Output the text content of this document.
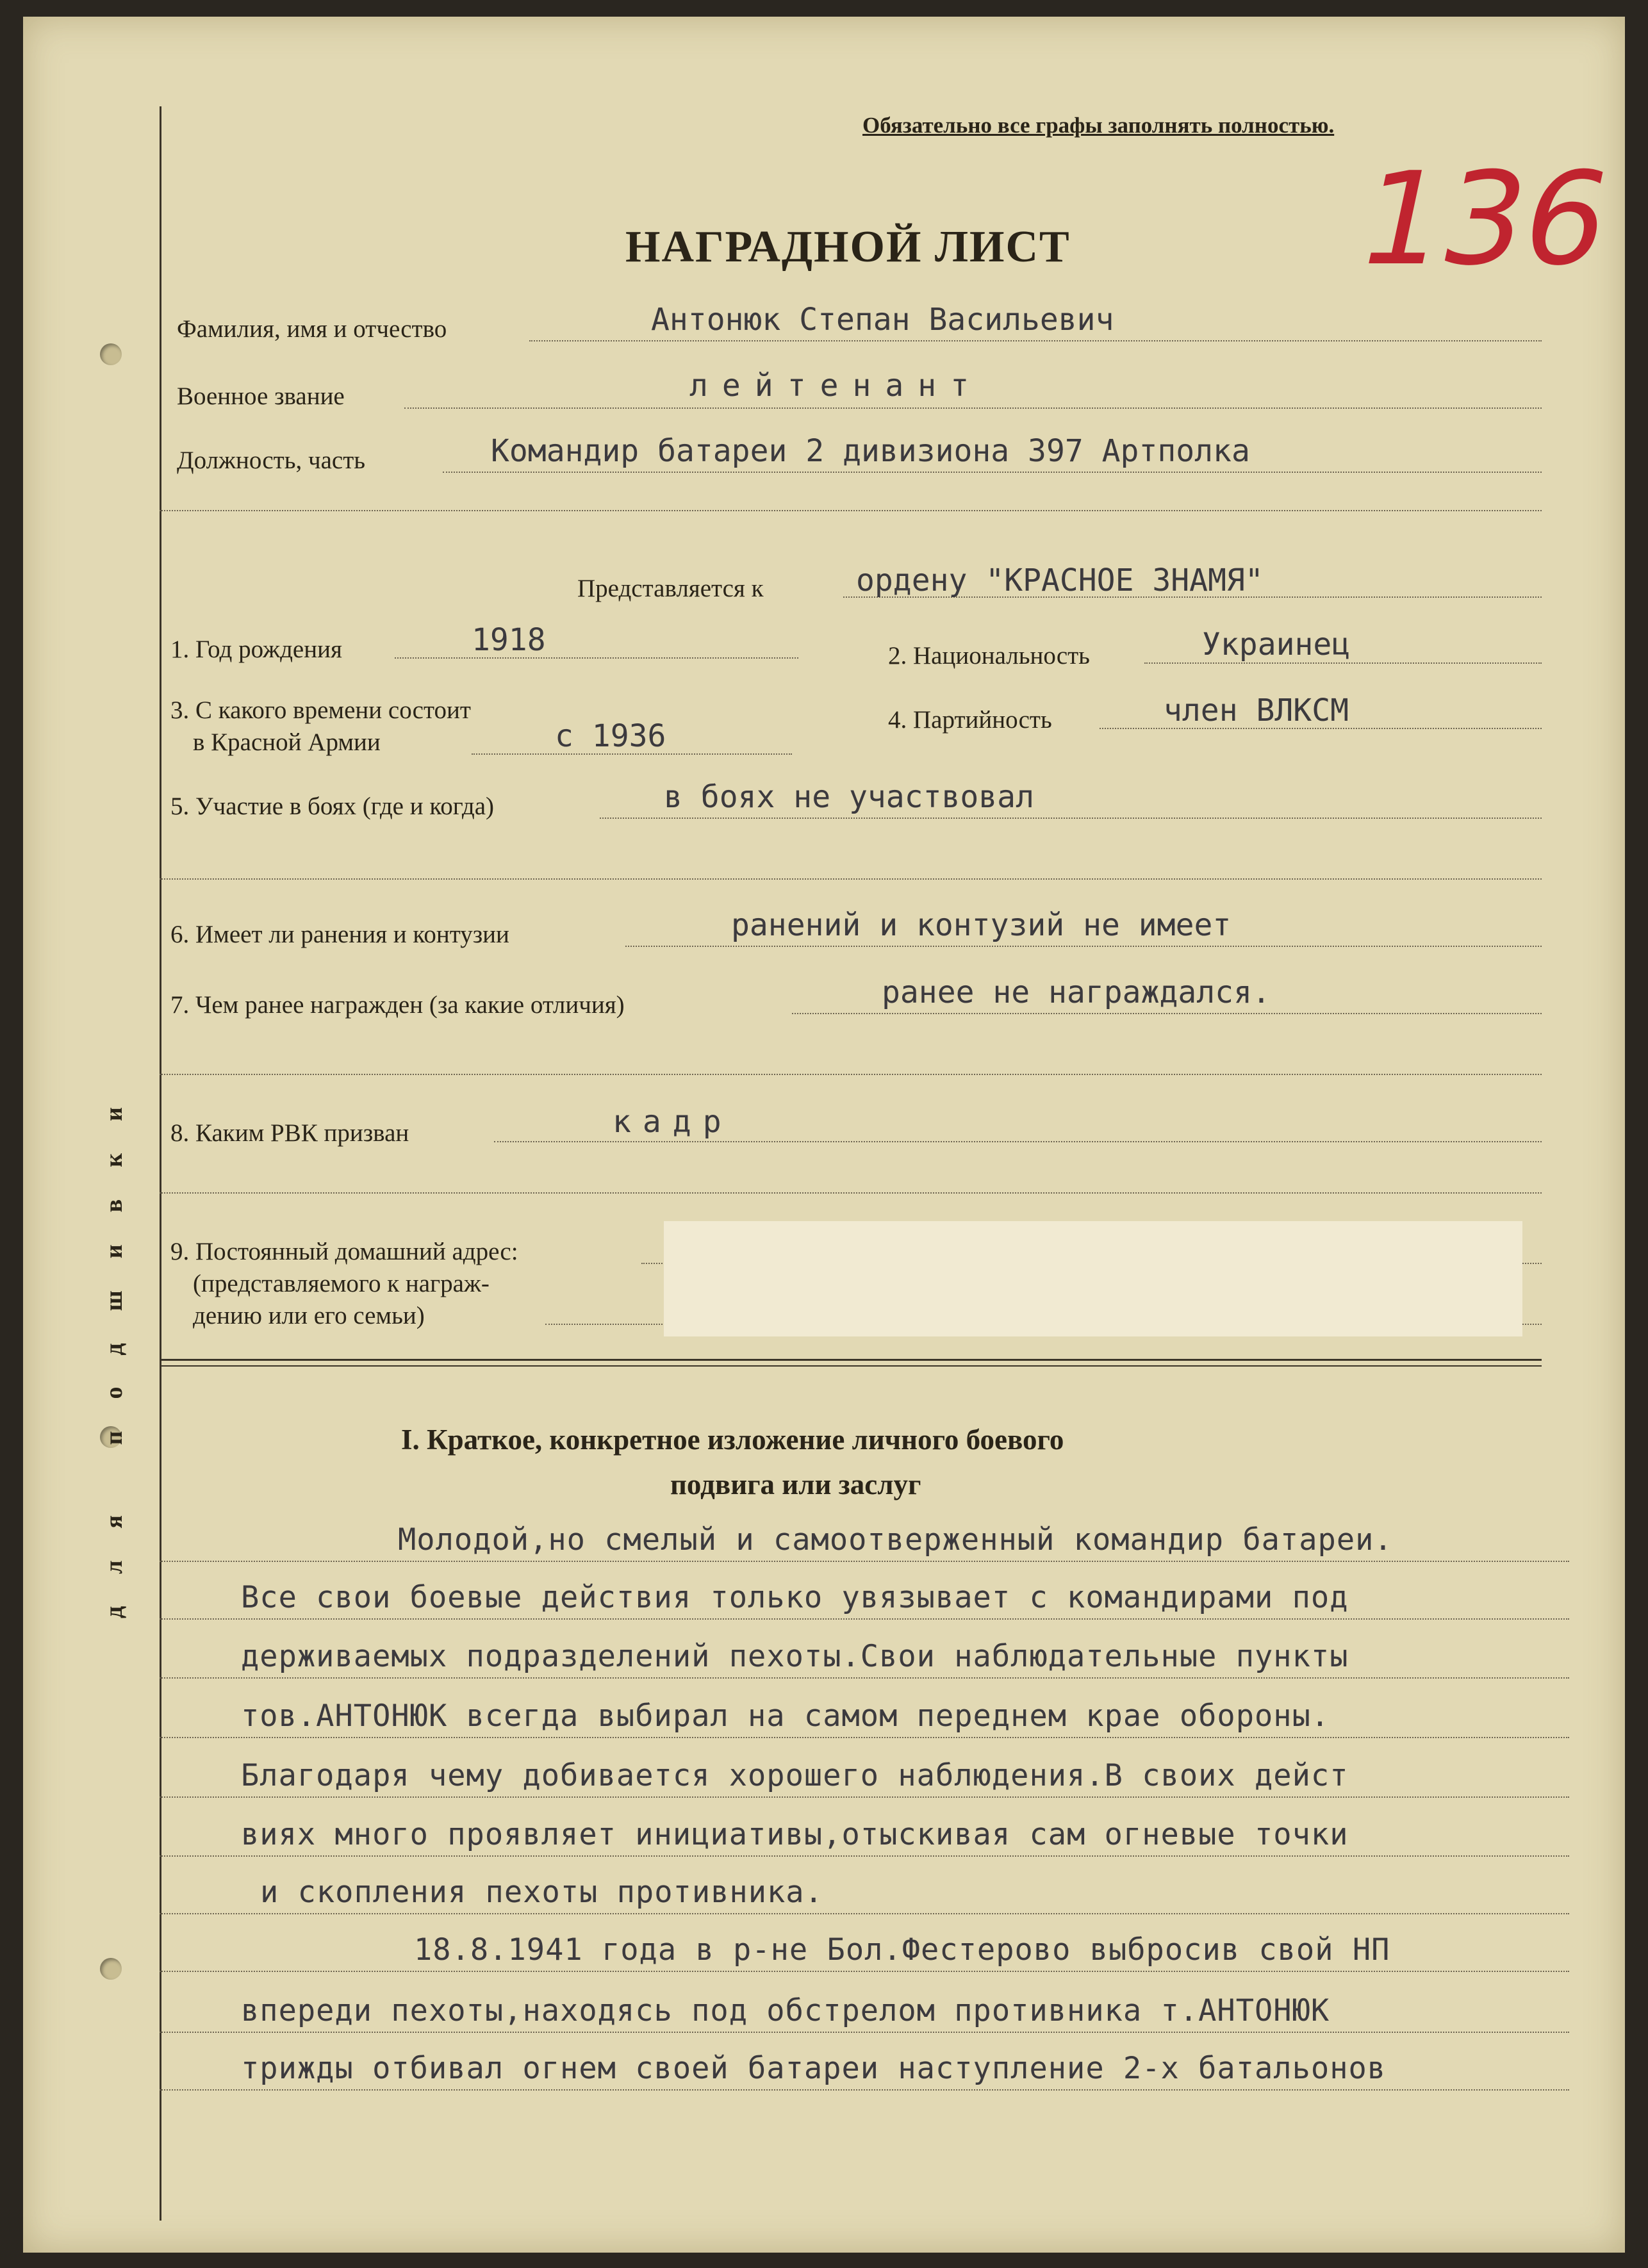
для подшивки
Обязательно все графы заполнять полностью.
136
НАГРАДНОЙ ЛИСТ
Фамилия, имя и отчество	Антонюк Степан Васильевич
Военное звание	лейтенант
Должность, часть	Командир батареи 2 дивизиона 397 Артполка
Представляется к	ордену "КРАСНОЕ ЗНАМЯ"
1. Год рождения	1918	2. Национальность	Украинец
3. С какого времени состоит
в Красной Армии	с 1936	4. Партийность	член ВЛКСМ
5. Участие в боях (где и когда)	в боях не участвовал
6. Имеет ли ранения и контузии	ранений и контузий не имеет
7. Чем ранее награжден (за какие отличия)	ранее не награждался.
8. Каким РВК призван	кадр
9. Постоянный домашний адрес:
(представляемого к награж-
дению или его семьи)
I. Краткое, конкретное изложение личного боевого
подвига или заслуг
Молодой,но смелый и самоотверженный командир батареи.
Все свои боевые действия только увязывает с командирами под
держиваемых подразделений пехоты.Свои наблюдательные пункты
тов.АНТОНЮК всегда выбирал на самом переднем крае обороны.
Благодаря чему добивается хорошего наблюдения.В своих дейст
виях много проявляет инициативы,отыскивая сам огневые точки
и скопления пехоты противника.
18.8.1941 года в р-не Бол.Фестерово выбросив свой НП
впереди пехоты,находясь под обстрелом противника т.АНТОНЮК
трижды отбивал огнем своей батареи наступление 2-х батальонов
